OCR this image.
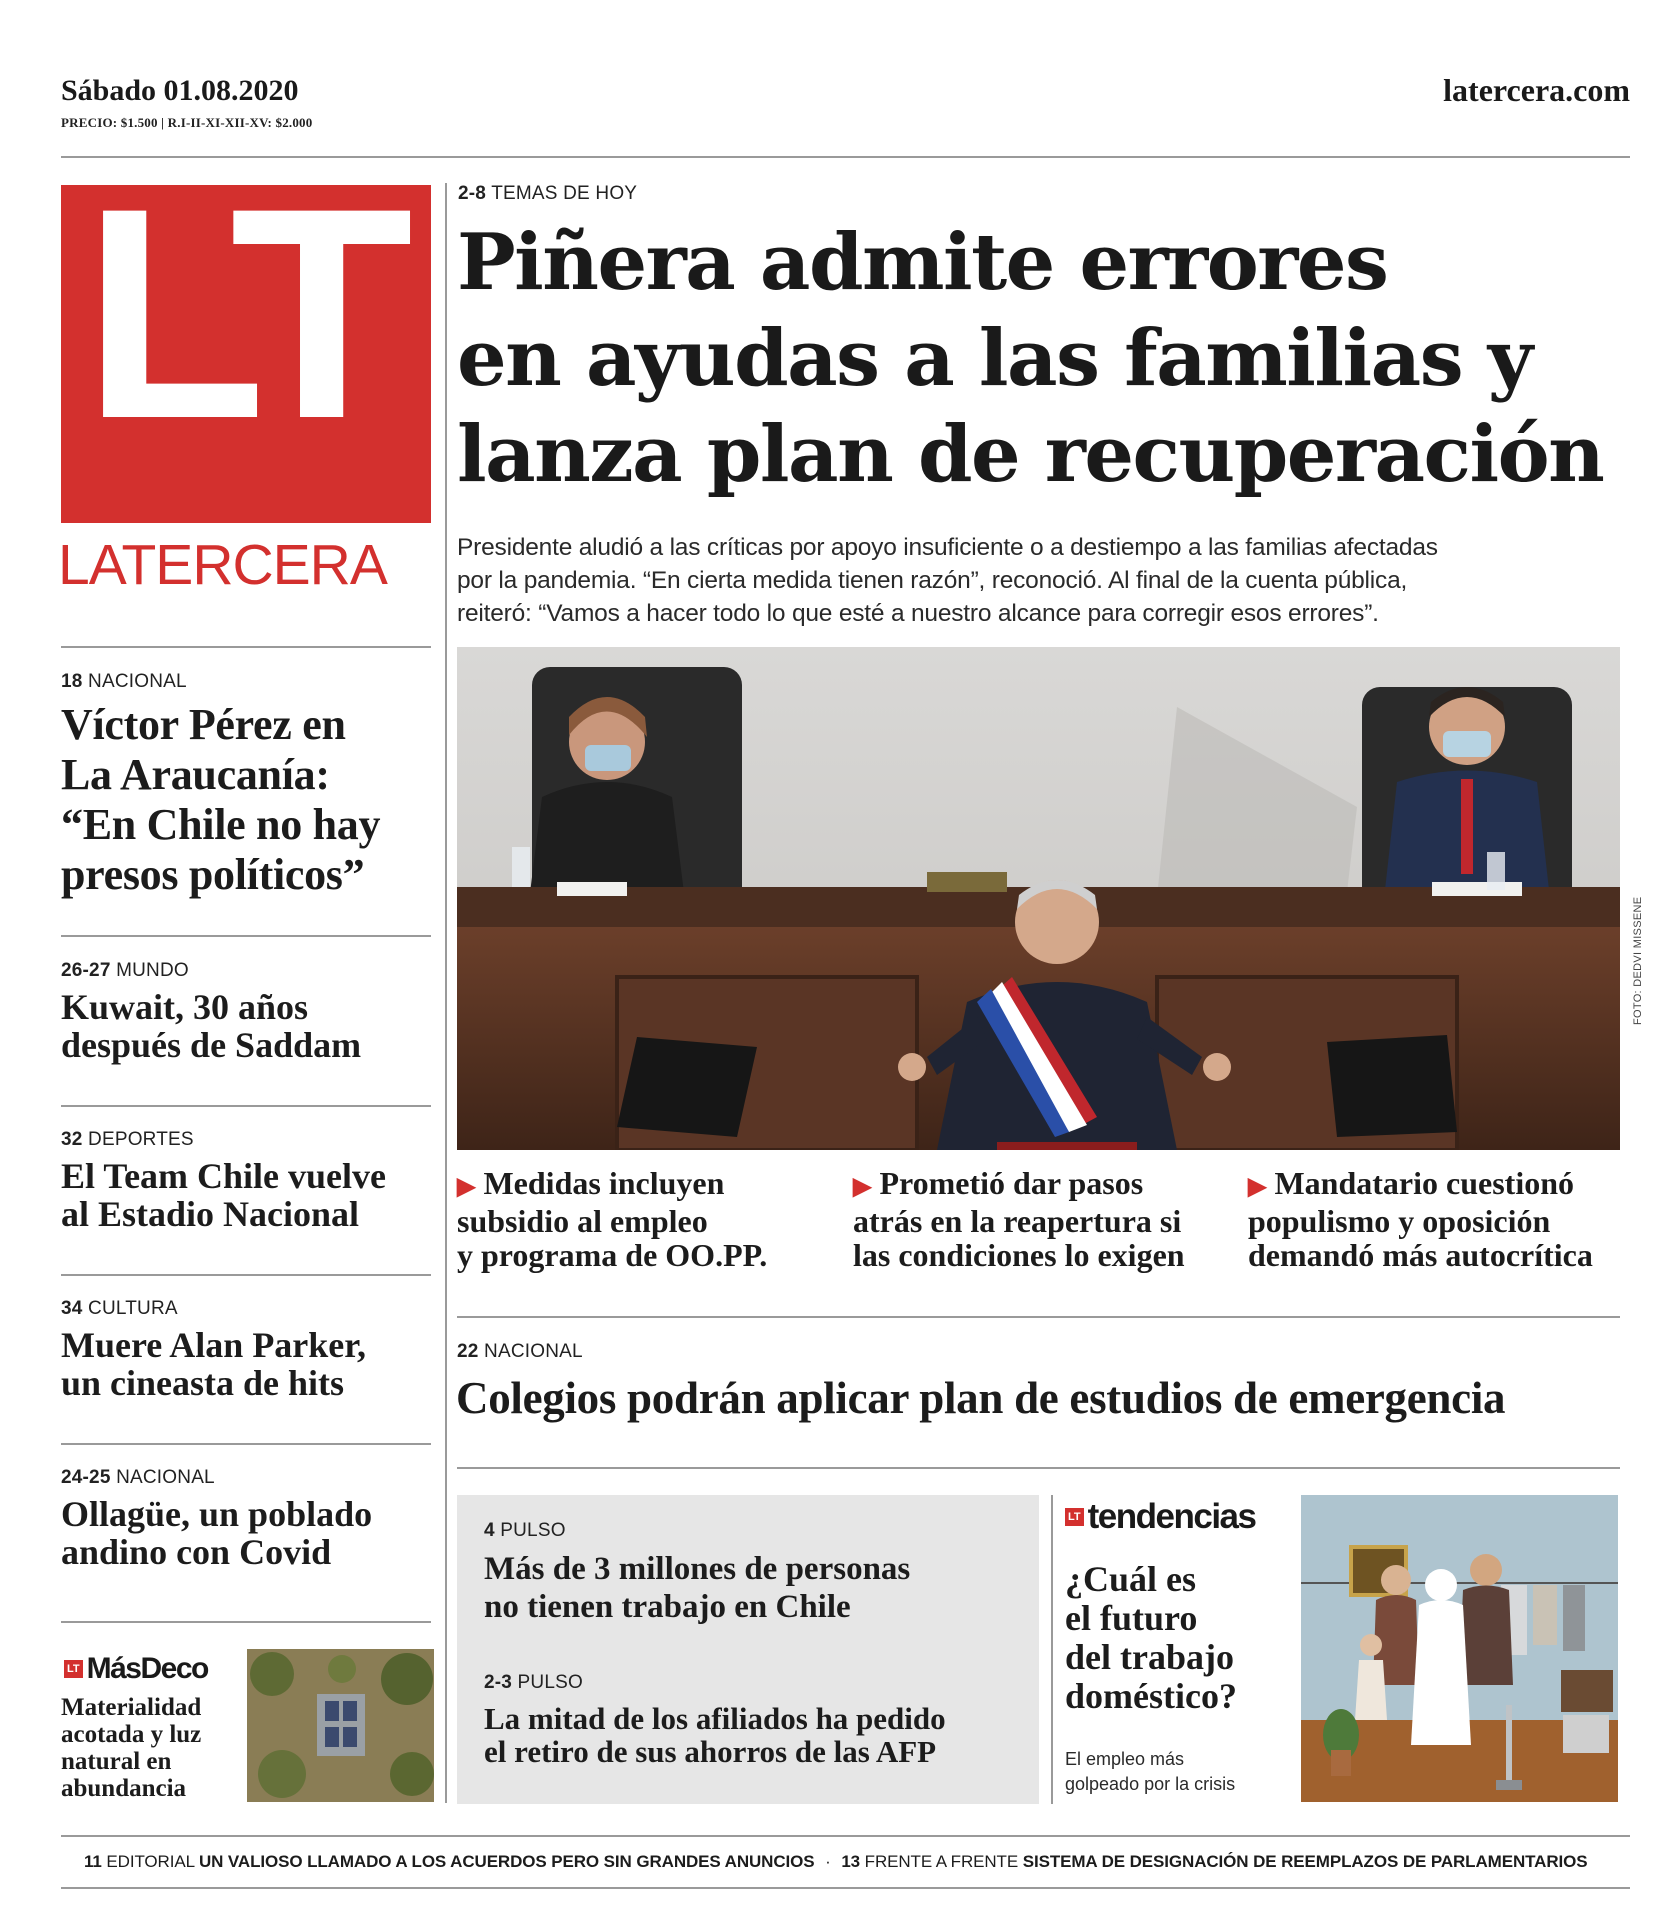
Sábado 01.08.2020
PRECIO: $1.500 | R.I-II-XI-XII-XV: $2.000
latercera.com
LT
LATERCERA
2-8 TEMAS DE HOY
Piñera admite errores
en ayudas a las familias y
lanza plan de recuperación
Presidente aludió a las críticas por apoyo insuficiente o a destiempo a las familias afectadas
por la pandemia. “En cierta medida tienen razón”, reconoció. Al final de la cuenta pública,
reiteró: “Vamos a hacer todo lo que esté a nuestro alcance para corregir esos errores”.
FOTO: DEDVI MISSENE
▶ Medidas incluyen
subsidio al empleo
y programa de OO.PP.
▶ Prometió dar pasos
atrás en la reapertura si
las condiciones lo exigen
▶ Mandatario cuestionó
populismo y oposición
demandó más autocrítica
22 NACIONAL
Colegios podrán aplicar plan de estudios de emergencia
18 NACIONAL
Víctor Pérez en
La Araucanía:
“En Chile no hay
presos políticos”
26-27 MUNDO
Kuwait, 30 años
después de Saddam
32 DEPORTES
El Team Chile vuelve
al Estadio Nacional
34 CULTURA
Muere Alan Parker,
un cineasta de hits
24-25 NACIONAL
Ollagüe, un poblado
andino con Covid
LT MásDeco
Materialidad
acotada y luz
natural en
abundancia
4 PULSO
Más de 3 millones de personas
no tienen trabajo en Chile
2-3 PULSO
La mitad de los afiliados ha pedido
el retiro de sus ahorros de las AFP
LT tendencias
¿Cuál es
el futuro
del trabajo
doméstico?
El empleo más
golpeado por la crisis
11 EDITORIAL UN VALIOSO LLAMADO A LOS ACUERDOS PERO SIN GRANDES ANUNCIOS · 13 FRENTE A FRENTE SISTEMA DE DESIGNACIÓN DE REEMPLAZOS DE PARLAMENTARIOS
